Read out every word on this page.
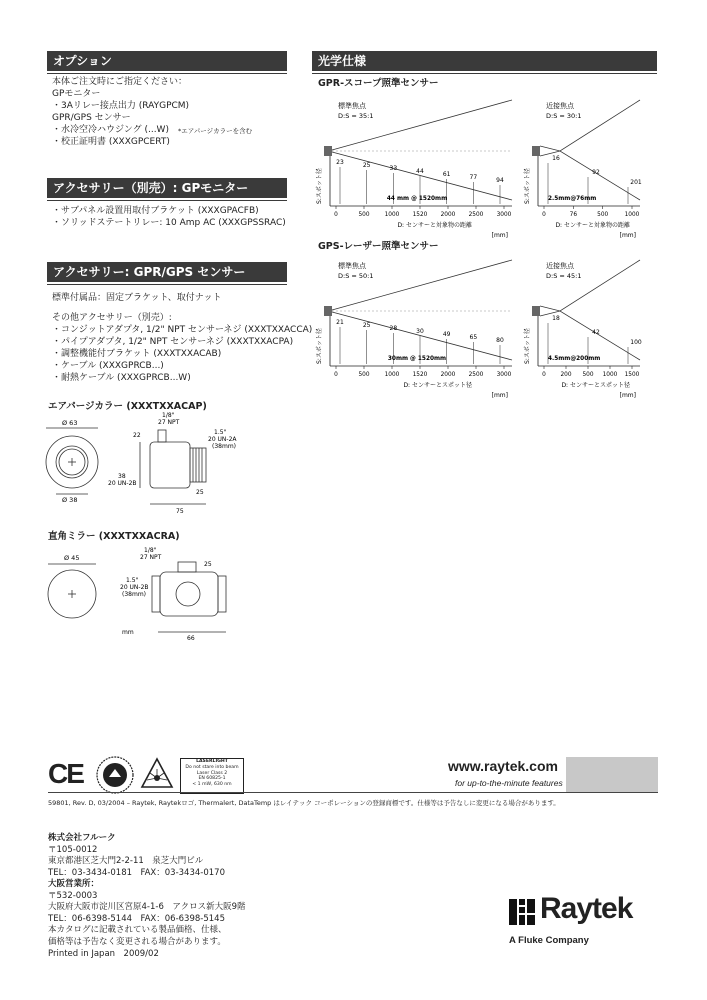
オプション
本体ご注文時にご指定ください：
GPモニター
・3Aリレー接点出力 (RAYGPCM)
GPR/GPS センサー
・水冷空冷ハウジング (...W) *エアパージカラーを含む
・校正証明書 (XXXGPCERT)
アクセサリー（別売）: GPモニター
・サブパネル設置用取付ブラケット (XXXGPACFB)
・ソリッドステートリレー: 10 Amp AC (XXXGPSSRAC)
アクセサリー: GPR/GPS センサー
標準付属品：固定ブラケット、取付ナット
その他アクセサリー（別売）:
・コンジットアダプタ, 1/2" NPT センサーネジ (XXXTXXACCA)
・パイプアダプタ, 1/2" NPT センサーネジ (XXXTXXACPA)
・調整機能付ブラケット (XXXTXXACAB)
・ケーブル (XXXGPRCB...)
・耐熱ケーブル (XXXGPRCB...W)
エアパージカラー (XXXTXXACAP)
Ø 63
Ø 38
1/8"
27 NPT
22	1.5"
20 UN-2A
(38mm)
38
20 UN-2B
25
75
直角ミラー (XXXTXXACRA)
Ø 45
1/8"
27 NPT
25
1.5"
20 UN-2B
(38mm)
66
mm
光学仕様
GPR-スコープ照準センサー
GPS-レーザー照準センサー
標準焦点
D:S = 35:1
0	500	1000 1520 2000 2500 3000
23	25	33	44	61	77	94
44 mm @ 1520mm
S:スポット径
D: センサーと対象物の距離
[mm]
近接焦点
D:S = 30:1
0	76	500	1000
16
92
201
2.5mm@76mm
S:スポット径
D: センサーと対象物の距離
[mm]
標準焦点
D:S = 50:1
0	500	1000 1520 2000 2500 3000
21	25	28	30	49	65	80
30mm @ 1520mm
S:スポット径
D: センサーとスポット径
[mm]
近接焦点
D:S = 45:1
0	200 500 1000 1500
18
42
100
4.5mm@200mm
S:スポット径
D: センサーとスポット径
[mm]
CE	LASERLIGHT
Do not stare into beam
Laser Class 2
EN 60825-1
< 1 mW, 630 nm
www.raytek.com
for up-to-the-minute features
59801, Rev. D, 03/2004 – Raytek, Raytekロゴ, Thermalert, DataTemp はレイテック コーポレーションの登録商標です。仕様等は予告なしに変更になる場合があります。
株式会社フルーク
〒105-0012
東京都港区芝大門2-2-11　泉芝大門ビル
TEL：03-3434-0181　FAX：03-3434-0170
大阪営業所：
〒532-0003
大阪府大阪市淀川区宮原4-1-6　アクロス新大阪9階
TEL：06-6398-5144　FAX：06-6398-5145
本カタログに記載されている製品価格、仕様、
価格等は予告なく変更される場合があります。
Printed in Japan　2009/02
Raytek
A Fluke Company
